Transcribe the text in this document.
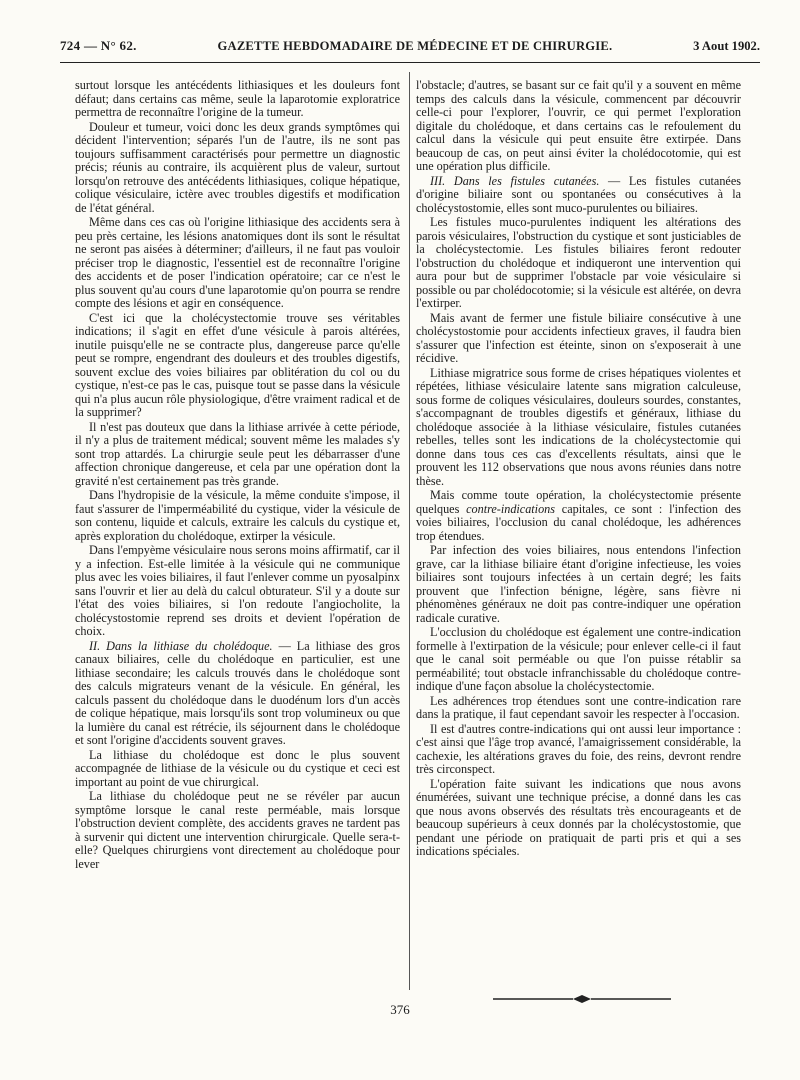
724 — N° 62.	GAZETTE HEBDOMADAIRE DE MÉDECINE ET DE CHIRURGIE.	3 Aout 1902.

surtout lorsque les antécédents lithiasiques et les douleurs font défaut; dans certains cas même, seule la laparotomie exploratrice permettra de reconnaître l'origine de la tumeur.

Douleur et tumeur, voici donc les deux grands symptômes qui décident l'intervention; séparés l'un de l'autre, ils ne sont pas toujours suffisamment caractérisés pour permettre un diagnostic précis; réunis au contraire, ils acquièrent plus de valeur, surtout lorsqu'on retrouve des antécédents lithiasiques, colique hépatique, colique vésiculaire, ictère avec troubles digestifs et modification de l'état général.

Même dans ces cas où l'origine lithiasique des accidents sera à peu près certaine, les lésions anatomiques dont ils sont le résultat ne seront pas aisées à déterminer; d'ailleurs, il ne faut pas vouloir préciser trop le diagnostic, l'essentiel est de reconnaître l'origine des accidents et de poser l'indication opératoire; car ce n'est le plus souvent qu'au cours d'une laparotomie qu'on pourra se rendre compte des lésions et agir en conséquence.

C'est ici que la cholécystectomie trouve ses véritables indications; il s'agit en effet d'une vésicule à parois altérées, inutile puisqu'elle ne se contracte plus, dangereuse parce qu'elle peut se rompre, engendrant des douleurs et des troubles digestifs, souvent exclue des voies biliaires par oblitération du col ou du cystique, n'est-ce pas le cas, puisque tout se passe dans la vésicule qui n'a plus aucun rôle physiologique, d'être vraiment radical et de la supprimer?

Il n'est pas douteux que dans la lithiase arrivée à cette période, il n'y a plus de traitement médical; souvent même les malades s'y sont trop attardés. La chirurgie seule peut les débarrasser d'une affection chronique dangereuse, et cela par une opération dont la gravité n'est certainement pas très grande.

Dans l'hydropisie de la vésicule, la même conduite s'impose, il faut s'assurer de l'imperméabilité du cystique, vider la vésicule de son contenu, liquide et calculs, extraire les calculs du cystique et, après exploration du cholédoque, extirper la vésicule.

Dans l'empyème vésiculaire nous serons moins affirmatif, car il y a infection. Est-elle limitée à la vésicule qui ne communique plus avec les voies biliaires, il faut l'enlever comme un pyosalpinx sans l'ouvrir et lier au delà du calcul obturateur. S'il y a doute sur l'état des voies biliaires, si l'on redoute l'angiocholite, la cholécystostomie reprend ses droits et devient l'opération de choix.

II. Dans la lithiase du cholédoque. — La lithiase des gros canaux biliaires, celle du cholédoque en particulier, est une lithiase secondaire; les calculs trouvés dans le cholédoque sont des calculs migrateurs venant de la vésicule. En général, les calculs passent du cholédoque dans le duodénum lors d'un accès de colique hépatique, mais lorsqu'ils sont trop volumineux ou que la lumière du canal est rétrécie, ils séjournent dans le cholédoque et sont l'origine d'accidents souvent graves.

La lithiase du cholédoque est donc le plus souvent accompagnée de lithiase de la vésicule ou du cystique et ceci est important au point de vue chirurgical.

La lithiase du cholédoque peut ne se révéler par aucun symptôme lorsque le canal reste perméable, mais lorsque l'obstruction devient complète, des accidents graves ne tardent pas à survenir qui dictent une intervention chirurgicale. Quelle sera-t-elle? Quelques chirurgiens vont directement au cholédoque pour lever

l'obstacle; d'autres, se basant sur ce fait qu'il y a souvent en même temps des calculs dans la vésicule, commencent par découvrir celle-ci pour l'explorer, l'ouvrir, ce qui permet l'exploration digitale du cholédoque, et dans certains cas le refoulement du calcul dans la vésicule qui peut ensuite être extirpée. Dans beaucoup de cas, on peut ainsi éviter la cholédocotomie, qui est une opération plus difficile.

III. Dans les fistules cutanées. — Les fistules cutanées d'origine biliaire sont ou spontanées ou consécutives à la cholécystostomie, elles sont muco-purulentes ou biliaires.

Les fistules muco-purulentes indiquent les altérations des parois vésiculaires, l'obstruction du cystique et sont justiciables de la cholécystectomie. Les fistules biliaires feront redouter l'obstruction du cholédoque et indiqueront une intervention qui aura pour but de supprimer l'obstacle par voie vésiculaire si possible ou par cholédocotomie; si la vésicule est altérée, on devra l'extirper.

Mais avant de fermer une fistule biliaire consécutive à une cholécystostomie pour accidents infectieux graves, il faudra bien s'assurer que l'infection est éteinte, sinon on s'exposerait à une récidive.

Lithiase migratrice sous forme de crises hépatiques violentes et répétées, lithiase vésiculaire latente sans migration calculeuse, sous forme de coliques vésiculaires, douleurs sourdes, constantes, s'accompagnant de troubles digestifs et généraux, lithiase du cholédoque associée à la lithiase vésiculaire, fistules cutanées rebelles, telles sont les indications de la cholécystectomie qui donne dans tous ces cas d'excellents résultats, ainsi que le prouvent les 112 observations que nous avons réunies dans notre thèse.

Mais comme toute opération, la cholécystectomie présente quelques contre-indications capitales, ce sont : l'infection des voies biliaires, l'occlusion du canal cholédoque, les adhérences trop étendues.

Par infection des voies biliaires, nous entendons l'infection grave, car la lithiase biliaire étant d'origine infectieuse, les voies biliaires sont toujours infectées à un certain degré; les faits prouvent que l'infection bénigne, légère, sans fièvre ni phénomènes généraux ne doit pas contre-indiquer une opération radicale curative.

L'occlusion du cholédoque est également une contre-indication formelle à l'extirpation de la vésicule; pour enlever celle-ci il faut que le canal soit perméable ou que l'on puisse rétablir sa perméabilité; tout obstacle infranchissable du cholédoque contre-indique d'une façon absolue la cholécystectomie.

Les adhérences trop étendues sont une contre-indication rare dans la pratique, il faut cependant savoir les respecter à l'occasion.

Il est d'autres contre-indications qui ont aussi leur importance : c'est ainsi que l'âge trop avancé, l'amaigrissement considérable, la cachexie, les altérations graves du foie, des reins, devront rendre très circonspect.

L'opération faite suivant les indications que nous avons énumérées, suivant une technique précise, a donné dans les cas que nous avons observés des résultats très encourageants et de beaucoup supérieurs à ceux donnés par la cholécystostomie, que pendant une période on pratiquait de parti pris et qui a ses indications spéciales.

376
